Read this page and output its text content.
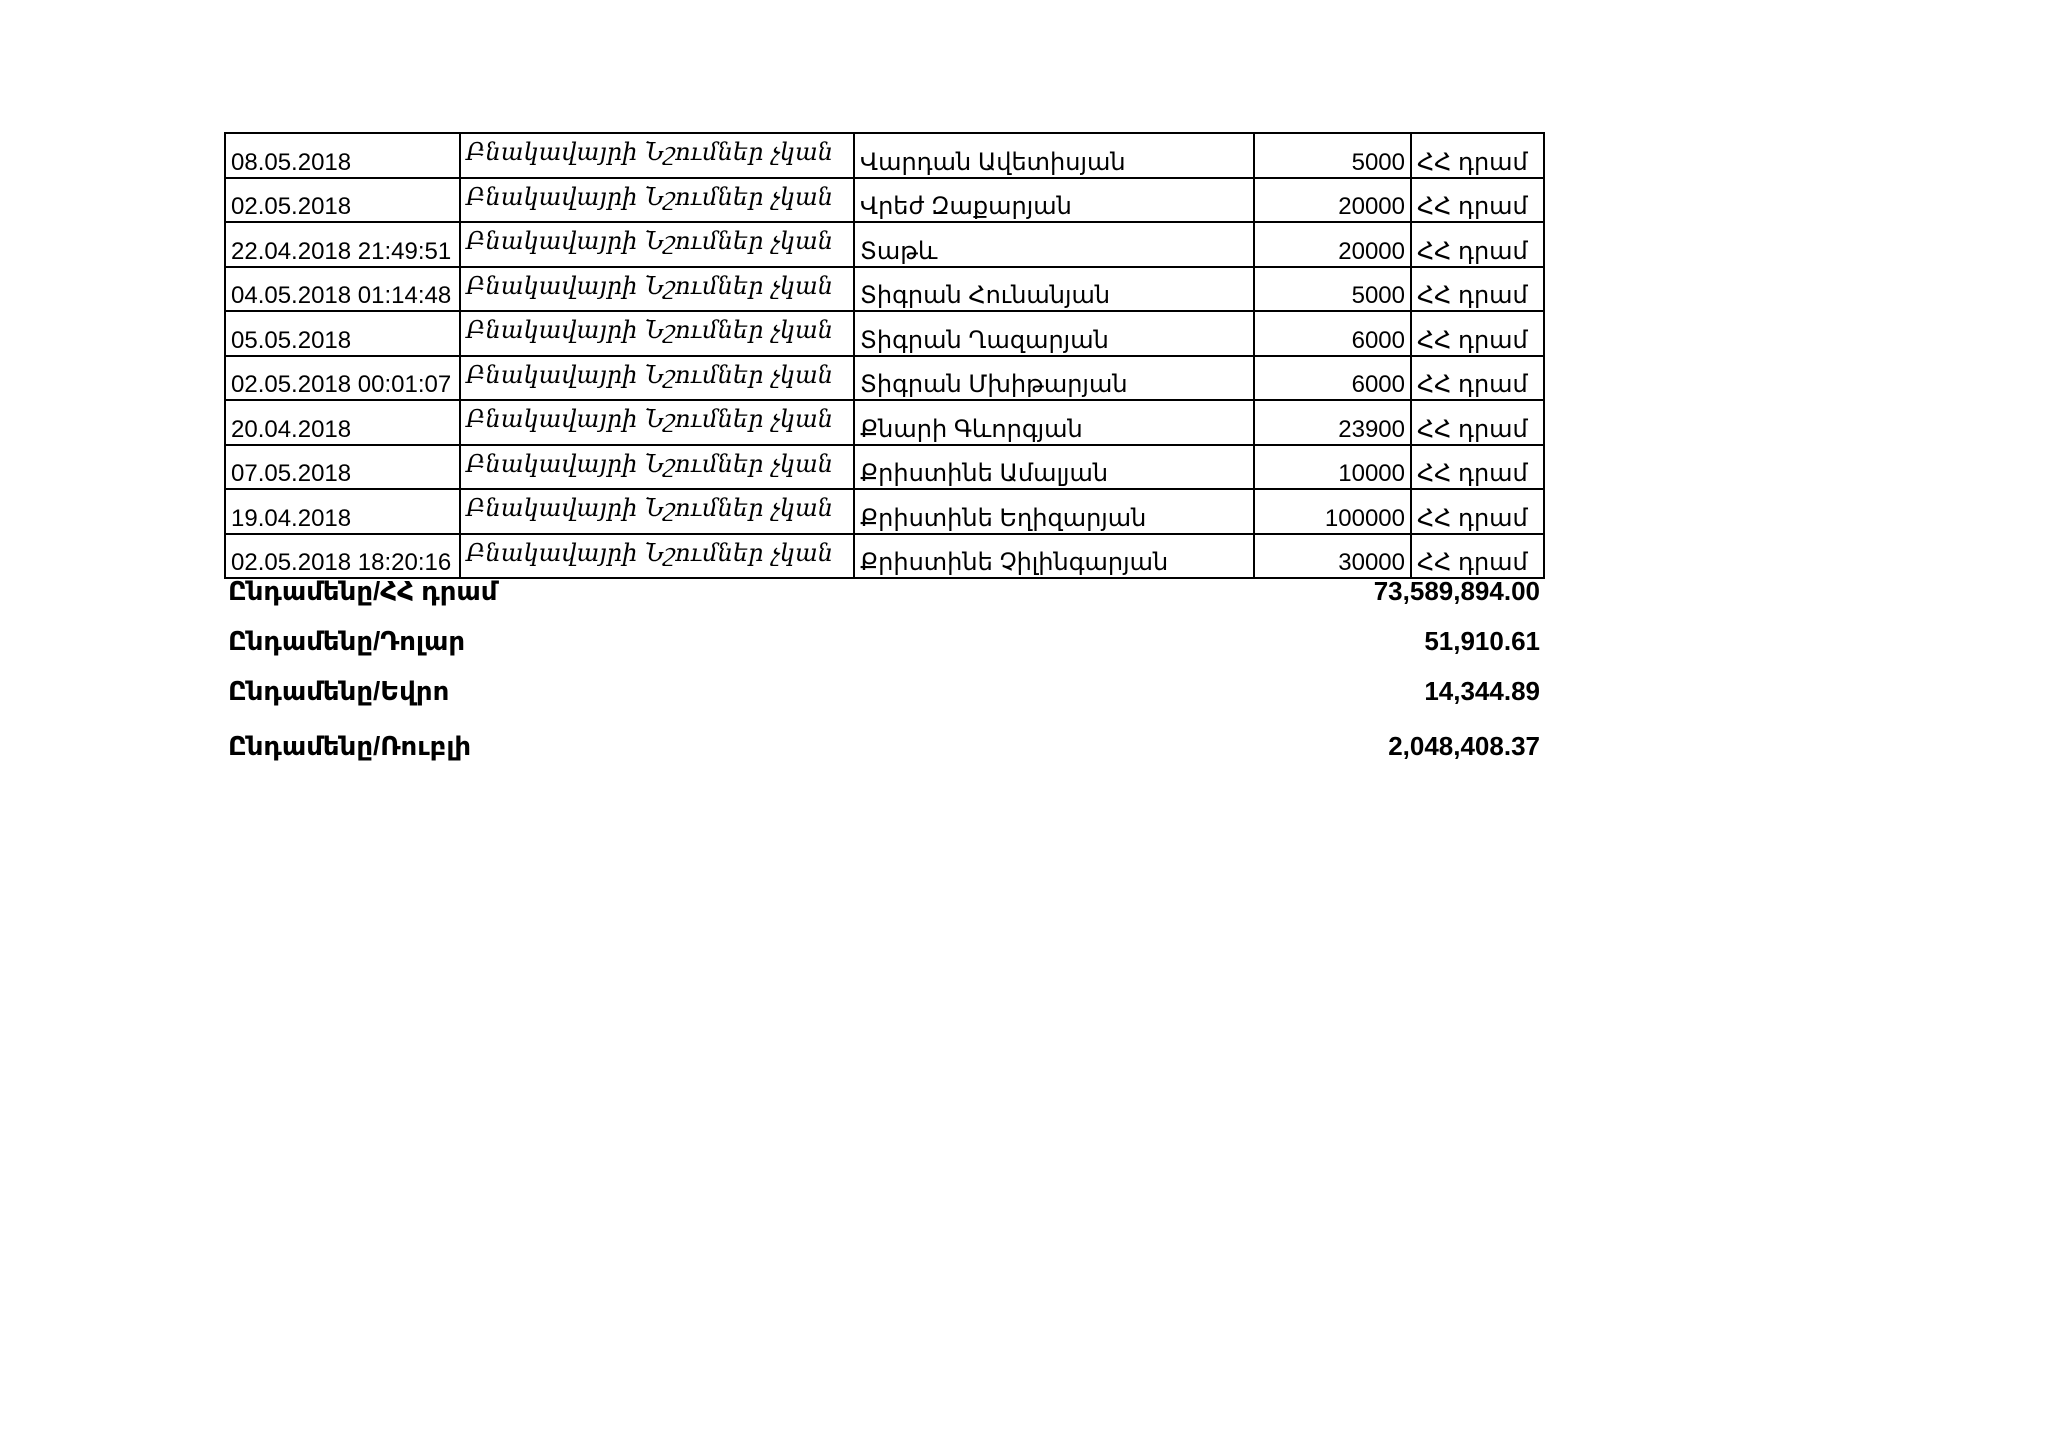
08.05.2018	Բնակավայրի Նշումներ չկան	Վարդան Ավետիսյան	5000	ՀՀ դրամ
02.05.2018	Բնակավայրի Նշումներ չկան	Վրեժ Զաքարյան	20000	ՀՀ դրամ
22.04.2018 21:49:51	Բնակավայրի Նշումներ չկան	Տաթև	20000	ՀՀ դրամ
04.05.2018 01:14:48	Բնակավայրի Նշումներ չկան	Տիգրան Հունանյան	5000	ՀՀ դրամ
05.05.2018	Բնակավայրի Նշումներ չկան	Տիգրան Ղազարյան	6000	ՀՀ դրամ
02.05.2018 00:01:07	Բնակավայրի Նշումներ չկան	Տիգրան Մխիթարյան	6000	ՀՀ դրամ
20.04.2018	Բնակավայրի Նշումներ չկան	Քնարի Գևորգյան	23900	ՀՀ դրամ
07.05.2018	Բնակավայրի Նշումներ չկան	Քրիստինե Ամալյան	10000	ՀՀ դրամ
19.04.2018	Բնակավայրի Նշումներ չկան	Քրիստինե Եղիզարյան	100000	ՀՀ դրամ
02.05.2018 18:20:16	Բնակավայրի Նշումներ չկան	Քրիստինե Չիլինգարյան	30000	ՀՀ դրամ
Ընդամենը/ՀՀ դրամ	73,589,894.00
Ընդամենը/Դոլար	51,910.61
Ընդամենը/Եվրո	14,344.89
Ընդամենը/Ռուբլի	2,048,408.37
